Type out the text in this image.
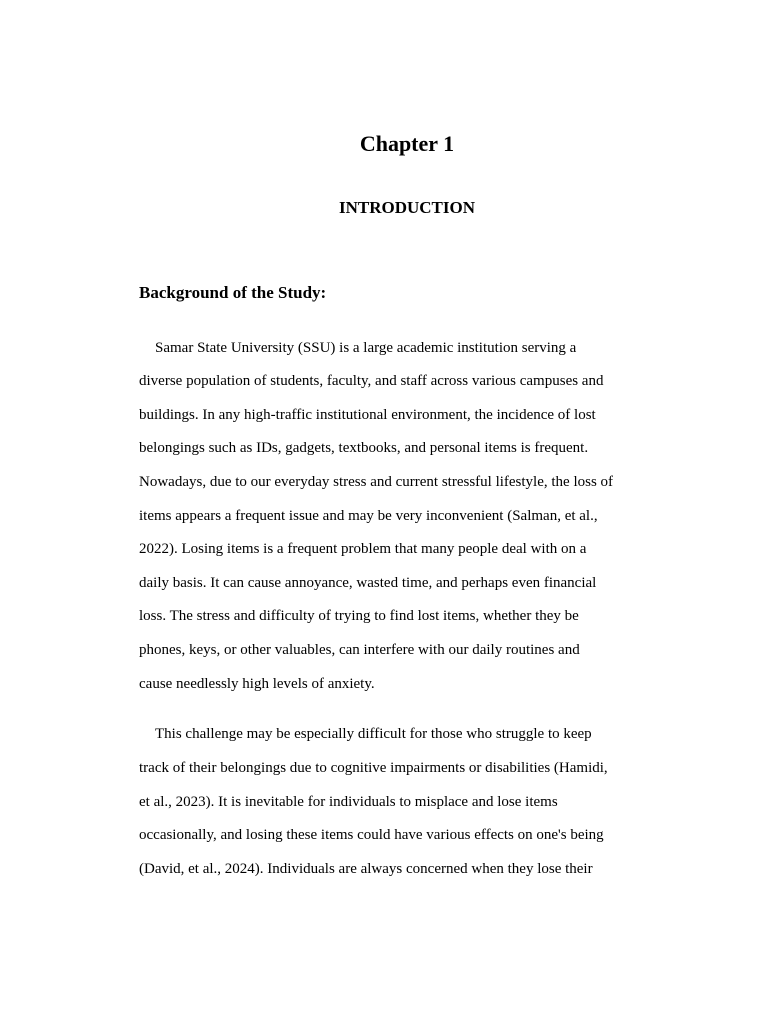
Chapter 1
INTRODUCTION
Background of the Study:

Samar State University (SSU) is a large academic institution serving a

diverse population of students, faculty, and staff across various campuses and

buildings. In any high-traffic institutional environment, the incidence of lost

belongings such as IDs, gadgets, textbooks, and personal items is frequent.

Nowadays, due to our everyday stress and current stressful lifestyle, the loss of

items appears a frequent issue and may be very inconvenient (Salman, et al.,

2022). Losing items is a frequent problem that many people deal with on a

daily basis. It can cause annoyance, wasted time, and perhaps even financial

loss. The stress and difficulty of trying to find lost items, whether they be

phones, keys, or other valuables, can interfere with our daily routines and

cause needlessly high levels of anxiety.

This challenge may be especially difficult for those who struggle to keep

track of their belongings due to cognitive impairments or disabilities (Hamidi,

et al., 2023). It is inevitable for individuals to misplace and lose items

occasionally, and losing these items could have various effects on one's being

(David, et al., 2024). Individuals are always concerned when they lose their
